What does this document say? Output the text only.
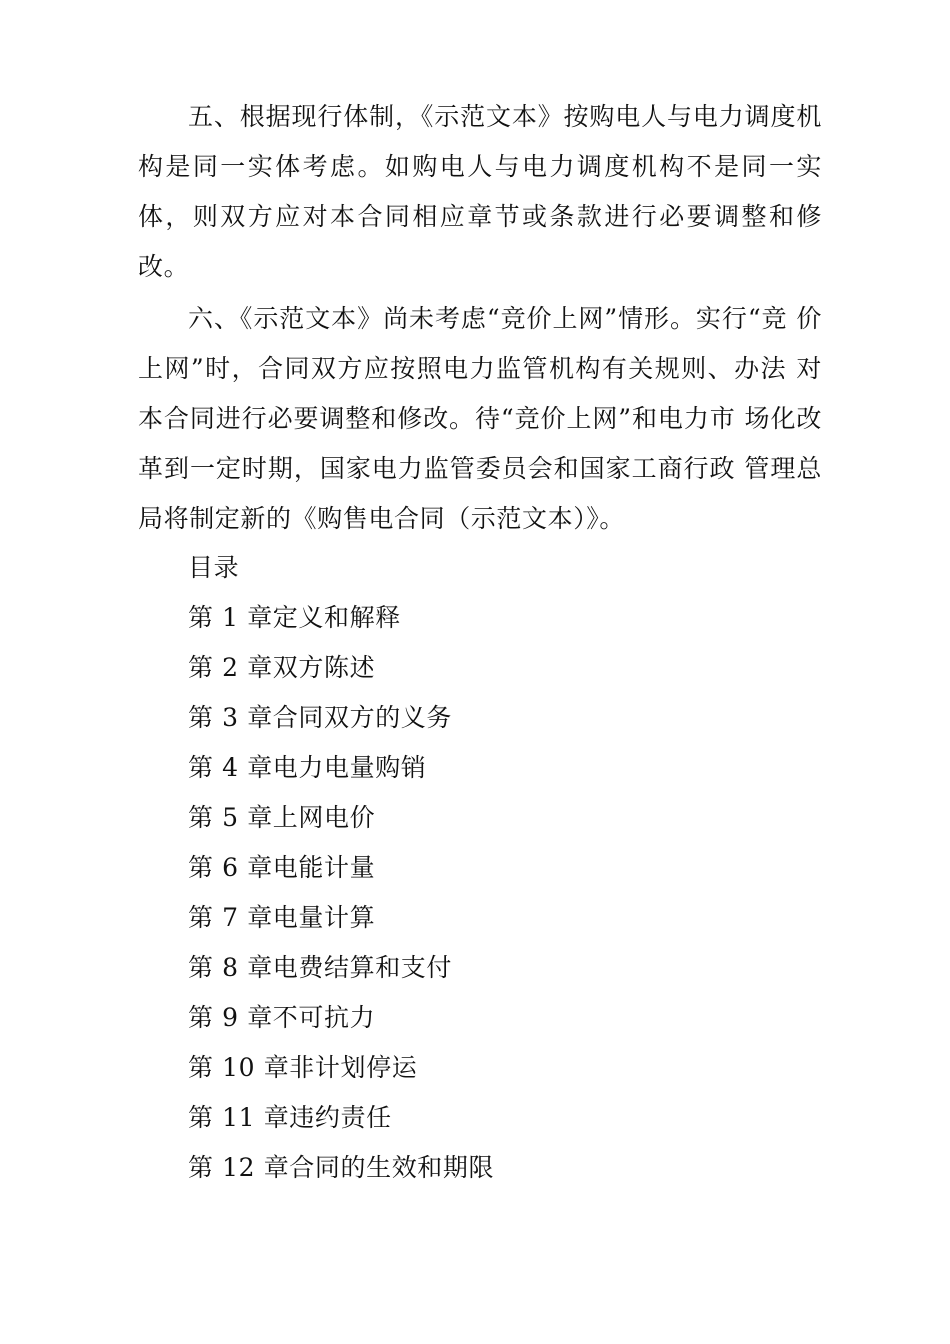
五、根据现行体制，《示范文本》按购电人与电力调度机构是同一实体考虑。如购电人与电力调度机构不是同一实体，则双方应对本合同相应章节或条款进行必要调整和修改。

六、《示范文本》尚未考虑“竞价上网”情形。实行“竞 价上网”时，合同双方应按照电力监管机构有关规则、办法 对本合同进行必要调整和修改。待“竞价上网”和电力市 场化改革到一定时期，国家电力监管委员会和国家工商行政 管理总局将制定新的《购售电合同（示范文本）》。

目录
第 1 章定义和解释
第 2 章双方陈述
第 3 章合同双方的义务
第 4 章电力电量购销
第 5 章上网电价
第 6 章电能计量
第 7 章电量计算
第 8 章电费结算和支付
第 9 章不可抗力
第 10 章非计划停运
第 11 章违约责任
第 12 章合同的生效和期限
